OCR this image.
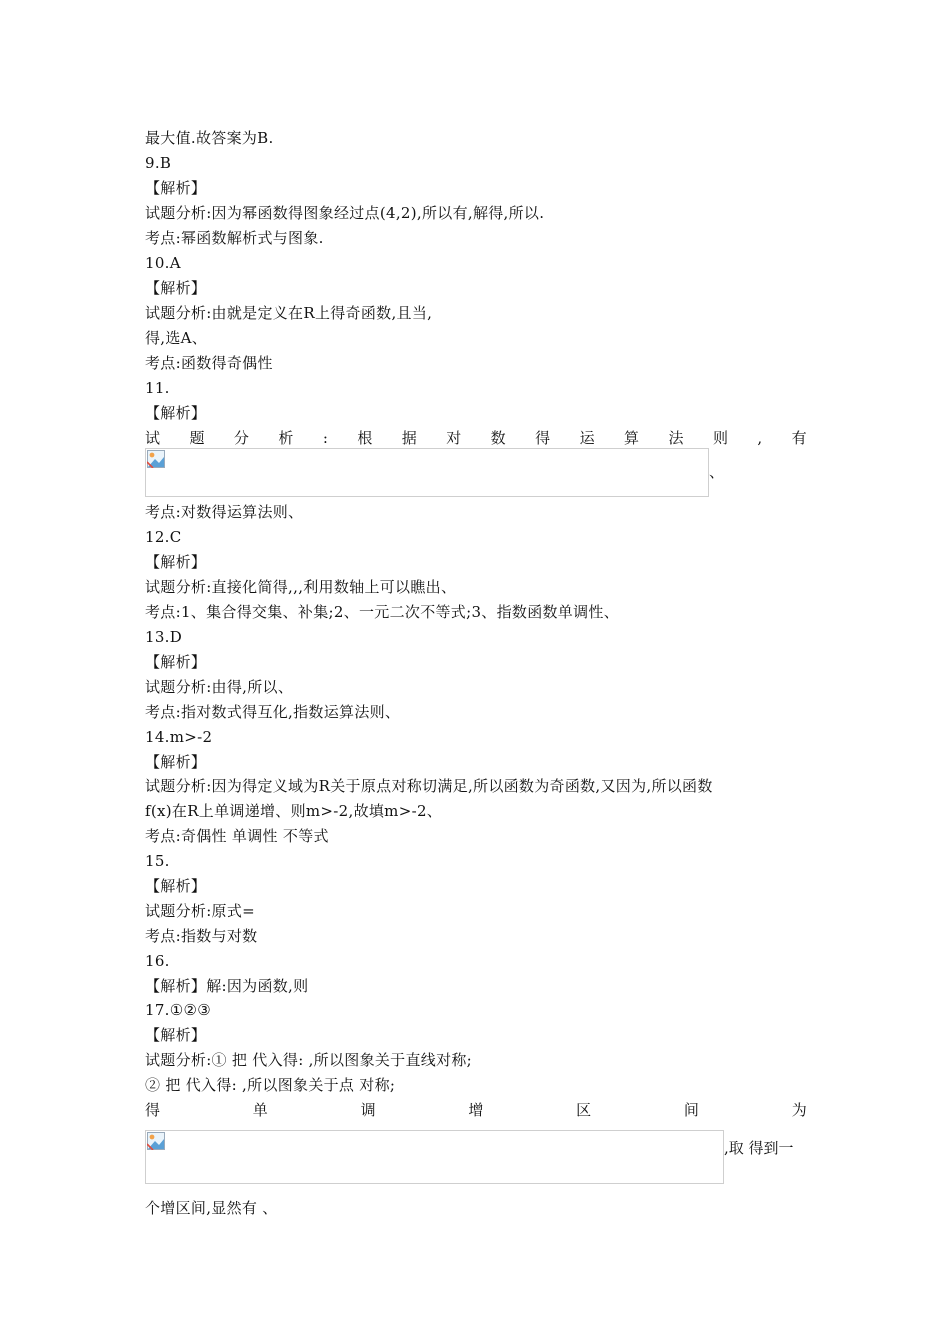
最大值.故答案为B.
9.B
【解析】
试题分析:因为幂函数得图象经过点(4,2),所以有,解得,所以.
考点:幂函数解析式与图象.
10.A
【解析】
试题分析:由就是定义在R上得奇函数,且当,
得,选A、
考点:函数得奇偶性
11.
【解析】
试 题 分 析 : 根 据 对 数 得 运 算 法 则 , 有
、
考点:对数得运算法则、
12.C
【解析】
试题分析:直接化简得,,,利用数轴上可以瞧出、
考点:1、集合得交集、补集;2、一元二次不等式;3、指数函数单调性、
13.D
【解析】
试题分析:由得,所以、
考点:指对数式得互化,指数运算法则、
14.m>-2
【解析】
试题分析:因为得定义域为R关于原点对称切满足,所以函数为奇函数,又因为,所以函数
f(x)在R上单调递增、则m>-2,故填m>-2、
考点:奇偶性 单调性 不等式
15.
【解析】
试题分析:原式=
考点:指数与对数
16.
【解析】解:因为函数,则
17.①②③
【解析】
试题分析:① 把 代入得: ,所以图象关于直线对称;
② 把 代入得: ,所以图象关于点 对称;
得	单	调	增	区	间	为
,取 得到一
个增区间,显然有 、
